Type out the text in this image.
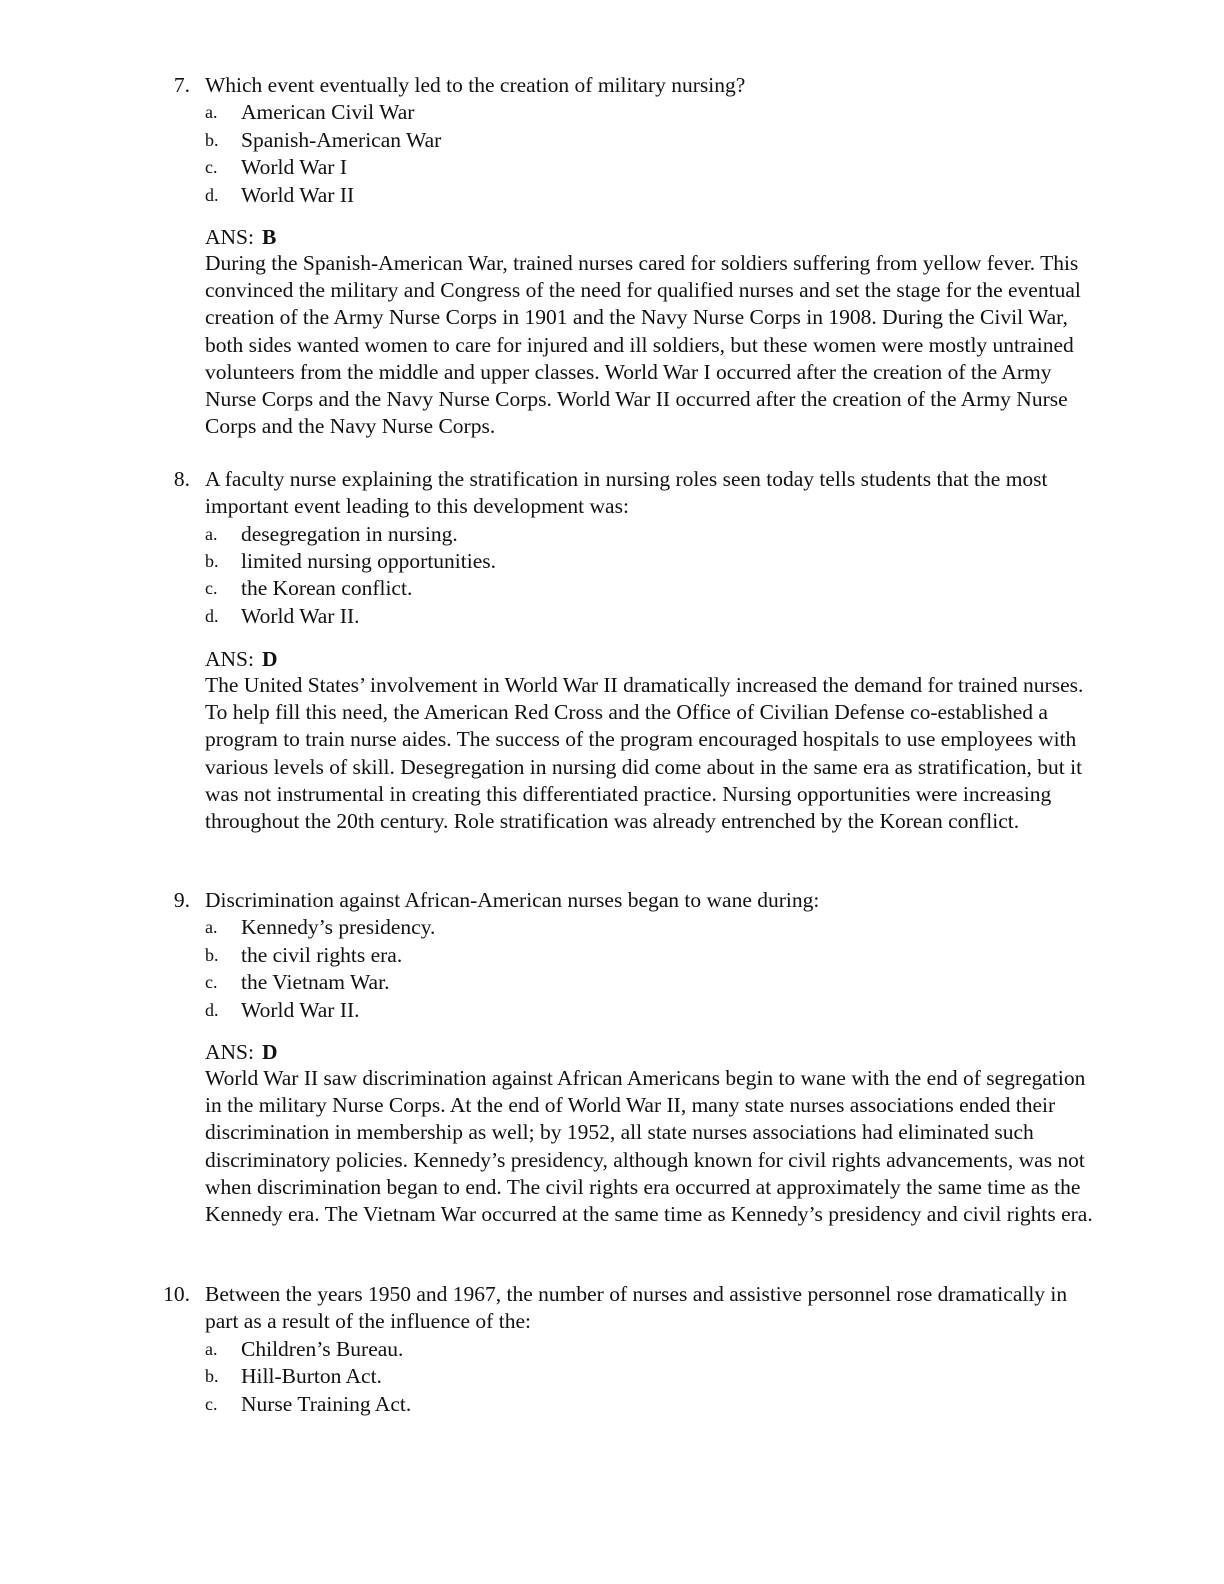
7. Which event eventually led to the creation of military nursing?
a.	American Civil War
b.	Spanish-American War
c.	World War I
d.	World War II
ANS: B
During the Spanish-American War, trained nurses cared for soldiers suffering from yellow fever. This convinced the military and Congress of the need for qualified nurses and set the stage for the eventual creation of the Army Nurse Corps in 1901 and the Navy Nurse Corps in 1908. During the Civil War, both sides wanted women to care for injured and ill soldiers, but these women were mostly untrained volunteers from the middle and upper classes. World War I occurred after the creation of the Army Nurse Corps and the Navy Nurse Corps. World War II occurred after the creation of the Army Nurse Corps and the Navy Nurse Corps.
8. A faculty nurse explaining the stratification in nursing roles seen today tells students that the most important event leading to this development was:
a.	desegregation in nursing.
b.	limited nursing opportunities.
c.	the Korean conflict.
d.	World War II.
ANS: D
The United States’ involvement in World War II dramatically increased the demand for trained nurses. To help fill this need, the American Red Cross and the Office of Civilian Defense co-established a program to train nurse aides. The success of the program encouraged hospitals to use employees with various levels of skill. Desegregation in nursing did come about in the same era as stratification, but it was not instrumental in creating this differentiated practice. Nursing opportunities were increasing throughout the 20th century. Role stratification was already entrenched by the Korean conflict.
9. Discrimination against African-American nurses began to wane during:
a.	Kennedy’s presidency.
b.	the civil rights era.
c.	the Vietnam War.
d.	World War II.
ANS: D
World War II saw discrimination against African Americans begin to wane with the end of segregation in the military Nurse Corps. At the end of World War II, many state nurses associations ended their discrimination in membership as well; by 1952, all state nurses associations had eliminated such discriminatory policies. Kennedy’s presidency, although known for civil rights advancements, was not when discrimination began to end. The civil rights era occurred at approximately the same time as the Kennedy era. The Vietnam War occurred at the same time as Kennedy’s presidency and civil rights era.
10. Between the years 1950 and 1967, the number of nurses and assistive personnel rose dramatically in part as a result of the influence of the:
a.	Children’s Bureau.
b.	Hill-Burton Act.
c.	Nurse Training Act.
